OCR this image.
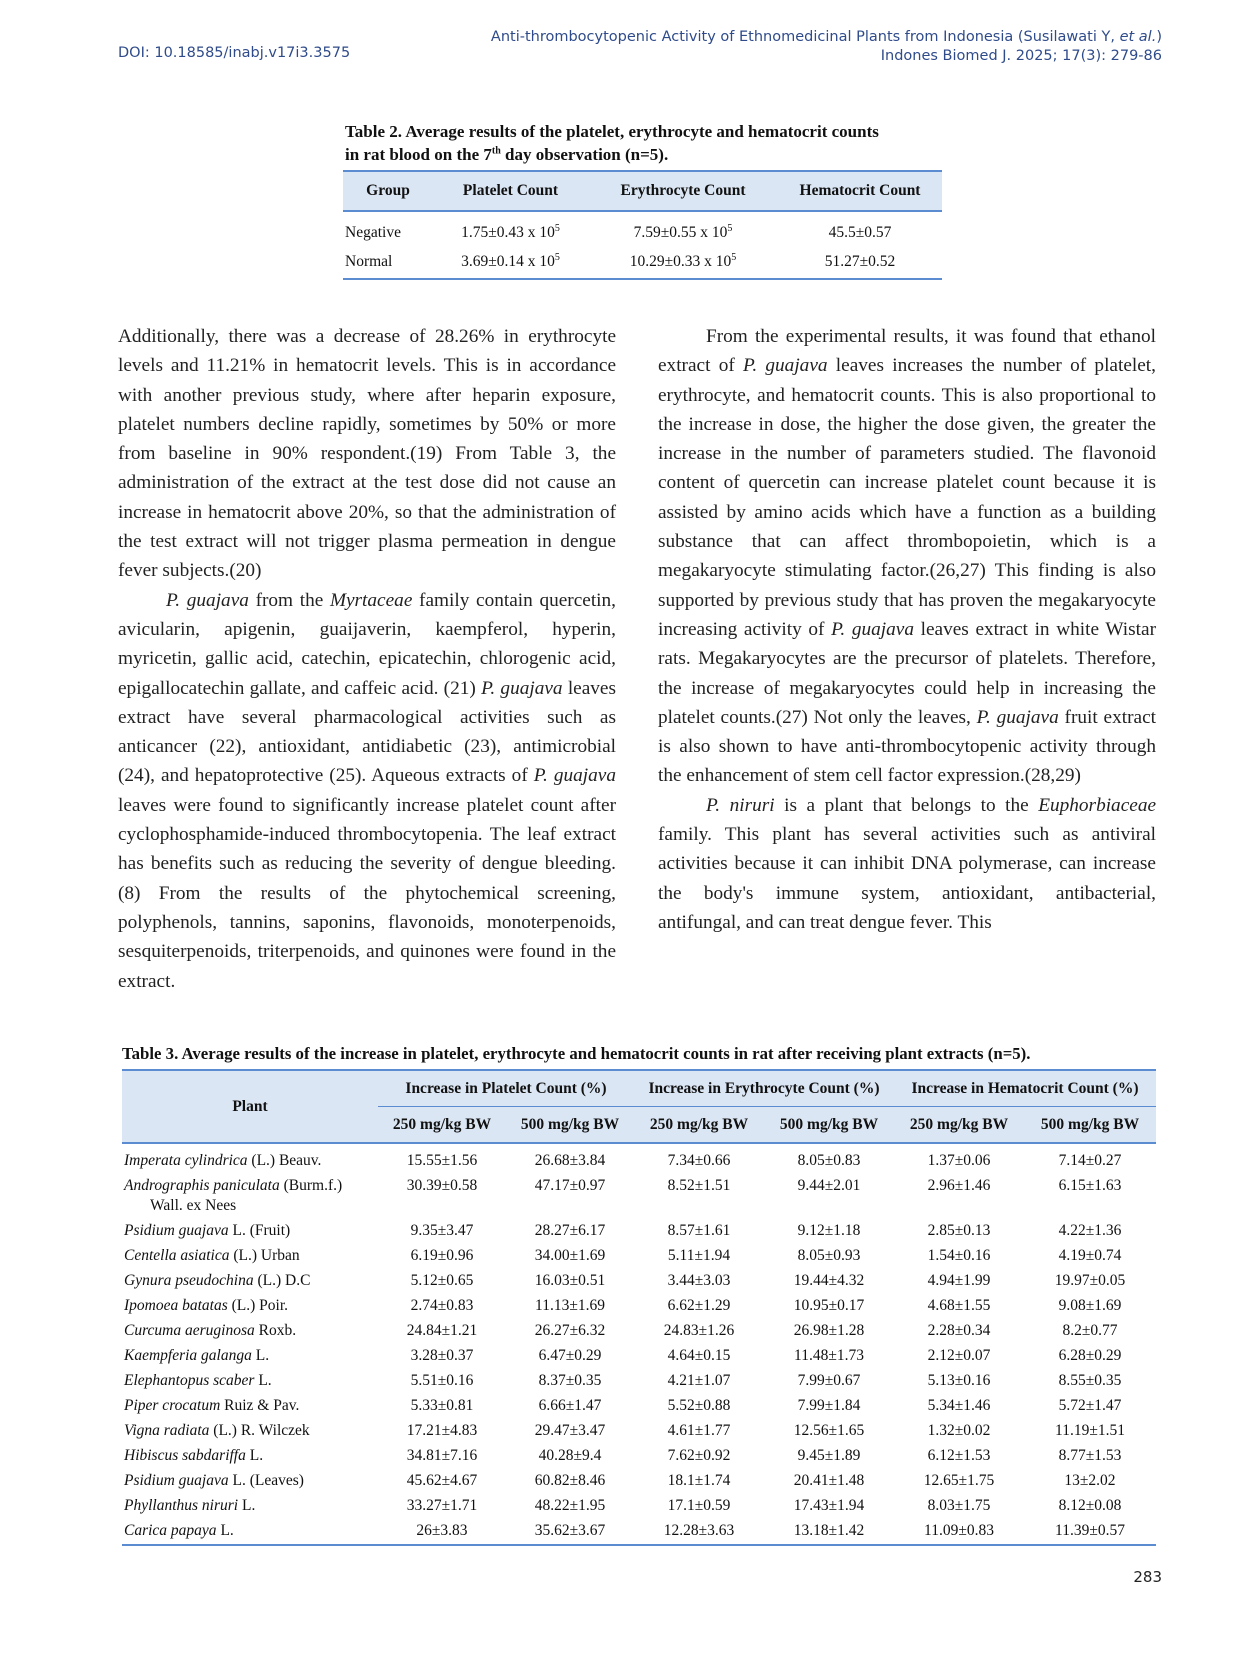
DOI: 10.18585/inabj.v17i3.3575
Anti-thrombocytopenic Activity of Ethnomedicinal Plants from Indonesia (Susilawati Y, et al.)
Indones Biomed J. 2025; 17(3): 279-86
Table 2. Average results of the platelet, erythrocyte and hematocrit counts
in rat blood on the 7th day observation (n=5).
Group	Platelet Count	Erythrocyte Count	Hematocrit Count
Negative	1.75±0.43 x $10^5$	7.59±0.55 x $10^5$	45.5±0.57
Normal	3.69±0.14 x $10^5$	10.29±0.33 x $10^5$	51.27±0.52

Additionally, there was a decrease of 28.26% in erythrocyte levels and 11.21% in hematocrit levels. This is in accordance with another previous study, where after heparin exposure, platelet numbers decline rapidly, sometimes by 50% or more from baseline in 90% respondent.(19) From Table 3, the administration of the extract at the test dose did not cause an increase in hematocrit above 20%, so that the administration of the test extract will not trigger plasma permeation in dengue fever subjects.(20)

P. guajava from the Myrtaceae family contain quercetin, avicularin, apigenin, guaijaverin, kaempferol, hyperin, myricetin, gallic acid, catechin, epicatechin, chlorogenic acid, epigallocatechin gallate, and caffeic acid. (21) P. guajava leaves extract have several pharmacological activities such as anticancer (22), antioxidant, antidiabetic (23), antimicrobial (24), and hepatoprotective (25). Aqueous extracts of P. guajava leaves were found to significantly increase platelet count after cyclophosphamide-induced thrombocytopenia. The leaf extract has benefits such as reducing the severity of dengue bleeding.(8) From the results of the phytochemical screening, polyphenols, tannins, saponins, flavonoids, monoterpenoids, sesquiterpenoids, triterpenoids, and quinones were found in the extract.

From the experimental results, it was found that ethanol extract of P. guajava leaves increases the number of platelet, erythrocyte, and hematocrit counts. This is also proportional to the increase in dose, the higher the dose given, the greater the increase in the number of parameters studied. The flavonoid content of quercetin can increase platelet count because it is assisted by amino acids which have a function as a building substance that can affect thrombopoietin, which is a megakaryocyte stimulating factor.(26,27) This finding is also supported by previous study that has proven the megakaryocyte increasing activity of P. guajava leaves extract in white Wistar rats. Megakaryocytes are the precursor of platelets. Therefore, the increase of megakaryocytes could help in increasing the platelet counts.(27) Not only the leaves, P. guajava fruit extract is also shown to have anti-thrombocytopenic activity through the enhancement of stem cell factor expression.(28,29)

P. niruri is a plant that belongs to the Euphorbiaceae family. This plant has several activities such as antiviral activities because it can inhibit DNA polymerase, can increase the body's immune system, antioxidant, antibacterial, antifungal, and can treat dengue fever. This

Table 3. Average results of the increase in platelet, erythrocyte and hematocrit counts in rat after receiving plant extracts (n=5).
Plant	Increase in Platelet Count (%)		Increase in Erythrocyte Count (%)		Increase in Hematocrit Count (%)	
	250 mg/kg BW	500 mg/kg BW	250 mg/kg BW	500 mg/kg BW	250 mg/kg BW	500 mg/kg BW
Imperata cylindrica (L.) Beauv.	15.55±1.56	26.68±3.84	7.34±0.66	8.05±0.83	1.37±0.06	7.14±0.27
Andrographis paniculata (Burm.f.)
Wall. ex Nees	30.39±0.58	47.17±0.97	8.52±1.51	9.44±2.01	2.96±1.46	6.15±1.63
Psidium guajava L. (Fruit)	9.35±3.47	28.27±6.17	8.57±1.61	9.12±1.18	2.85±0.13	4.22±1.36
Centella asiatica (L.) Urban	6.19±0.96	34.00±1.69	5.11±1.94	8.05±0.93	1.54±0.16	4.19±0.74
Gynura pseudochina (L.) D.C	5.12±0.65	16.03±0.51	3.44±3.03	19.44±4.32	4.94±1.99	19.97±0.05
Ipomoea batatas (L.) Poir.	2.74±0.83	11.13±1.69	6.62±1.29	10.95±0.17	4.68±1.55	9.08±1.69
Curcuma aeruginosa Roxb.	24.84±1.21	26.27±6.32	24.83±1.26	26.98±1.28	2.28±0.34	8.2±0.77
Kaempferia galanga L.	3.28±0.37	6.47±0.29	4.64±0.15	11.48±1.73	2.12±0.07	6.28±0.29
Elephantopus scaber L.	5.51±0.16	8.37±0.35	4.21±1.07	7.99±0.67	5.13±0.16	8.55±0.35
Piper crocatum Ruiz & Pav.	5.33±0.81	6.66±1.47	5.52±0.88	7.99±1.84	5.34±1.46	5.72±1.47
Vigna radiata (L.) R. Wilczek	17.21±4.83	29.47±3.47	4.61±1.77	12.56±1.65	1.32±0.02	11.19±1.51
Hibiscus sabdariffa L.	34.81±7.16	40.28±9.4	7.62±0.92	9.45±1.89	6.12±1.53	8.77±1.53
Psidium guajava L. (Leaves)	45.62±4.67	60.82±8.46	18.1±1.74	20.41±1.48	12.65±1.75	13±2.02
Phyllanthus niruri L.	33.27±1.71	48.22±1.95	17.1±0.59	17.43±1.94	8.03±1.75	8.12±0.08
Carica papaya L.	26±3.83	35.62±3.67	12.28±3.63	13.18±1.42	11.09±0.83	11.39±0.57
283
